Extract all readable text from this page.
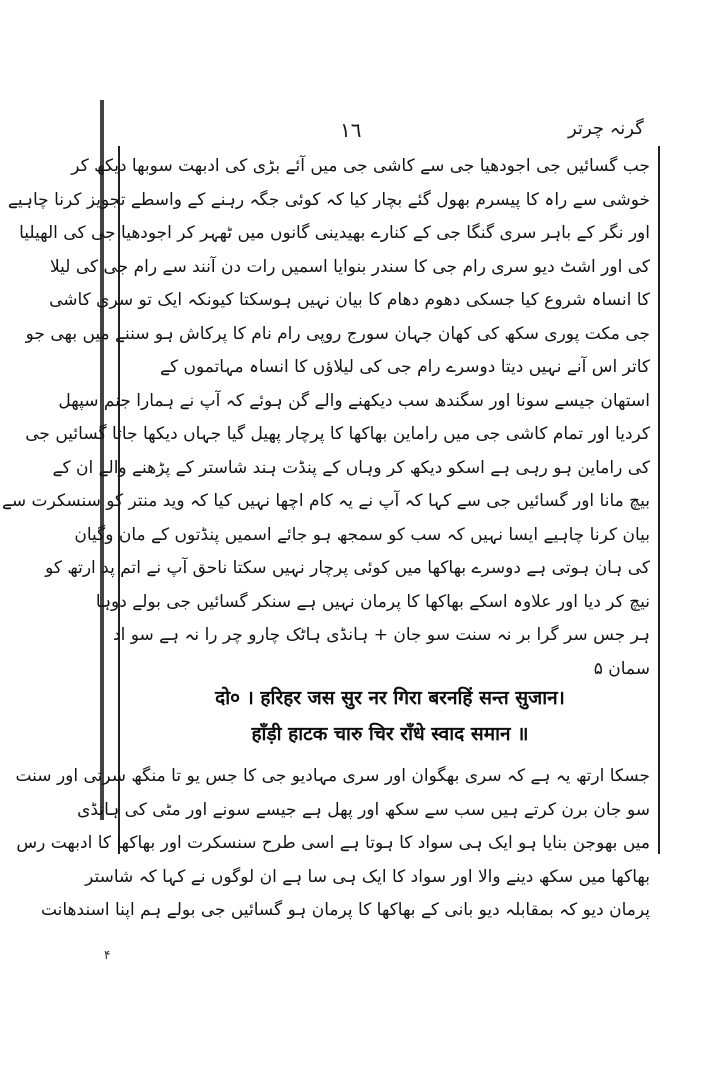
١٦	گرنہ چرتر
جب گسائیں جی اجودھیا جی سے کاشی جی میں آئے بڑی کی ادبھت سوبھا دیکھ کر
خوشی سے راہ کا پیسرم بھول گئے بچار کیا کہ کوئی جگہ رہنے کے واسطے تجویز کرنا چاہیے
اور نگر کے باہر سری گنگا جی کے کنارے بھیدینی گانوں میں ٹھہر کر اجودھیا جی کی الھیلیا
کی اور اشٹ دیو سری رام جی کا سندر بنوایا اسمیں رات دن آنند سے رام جی کی لیلا
کا انساہ شروع کیا جسکی دھوم دھام کا بیان نہیں ہوسکتا کیونکہ ایک تو سری کاشی
جی مکت پوری سکھ کی کھان جہان سورج روپی رام نام کا پرکاش ہو سننے میں بھی جو
کاتر اس آنے نہیں دیتا دوسرے رام جی کی لیلاؤں کا انساہ مہاتموں کے
استھان جیسے سونا اور سگندھ سب دیکھنے والے گن ہوئے کہ آپ نے ہمارا جنم سپھل
کردیا اور تمام کاشی جی میں راماین بھاکھا کا پرچار پھیل گیا جہاں دیکھا جاتا گسائیں جی
کی راماین ہو رہی ہے اسکو دیکھ کر وہاں کے پنڈت ہند شاستر کے پڑھنے والے ان کے
بیچ مانا اور گسائیں جی سے کہا کہ آپ نے یہ کام اچھا نہیں کیا کہ وید منتر کو سنسکرت سے
بیان کرنا چاہیے ایسا نہیں کہ سب کو سمجھ ہو جائے اسمیں پنڈتوں کے مان وگیان
کی ہان ہوتی ہے دوسرے بھاکھا میں کوئی پرچار نہیں سکتا ناحق آپ نے اتم پد ارتھ کو
نیچ کر دیا اور علاوہ اسکے بھاکھا کا پرمان نہیں ہے سنکر گسائیں جی بولے دوہا
ہر جس سر گرا بر نہ سنت سو جان + ہانڈی ہاٹک چارو چر را نہ ہے سو اد
سمان ۵
दो० । हरिहर जस सुर नर गिरा बरनहिं सन्त सुजान।
हाँड़ी हाटक चारु चिर राँधे स्वाद समान ॥
جسکا ارتھ یہ ہے کہ سری بھگوان اور سری مہادیو جی کا جس یو تا منگھ سرتی اور سنت
سو جان برن کرتے ہیں سب سے سکھ اور پھل ہے جیسے سونے اور مٹی کی ہانڈی
میں بھوجن بنایا ہو ایک ہی سواد کا ہوتا ہے اسی طرح سنسکرت اور بھاکھا کا ادبھت رس
بھاکھا میں سکھ دینے والا اور سواد کا ایک ہی سا ہے ان لوگوں نے کہا کہ شاستر
پرمان دیو کہ بمقابلہ دیو بانی کے بھاکھا کا پرمان ہو گسائیں جی بولے ہم اپنا اسندھانت
۴
